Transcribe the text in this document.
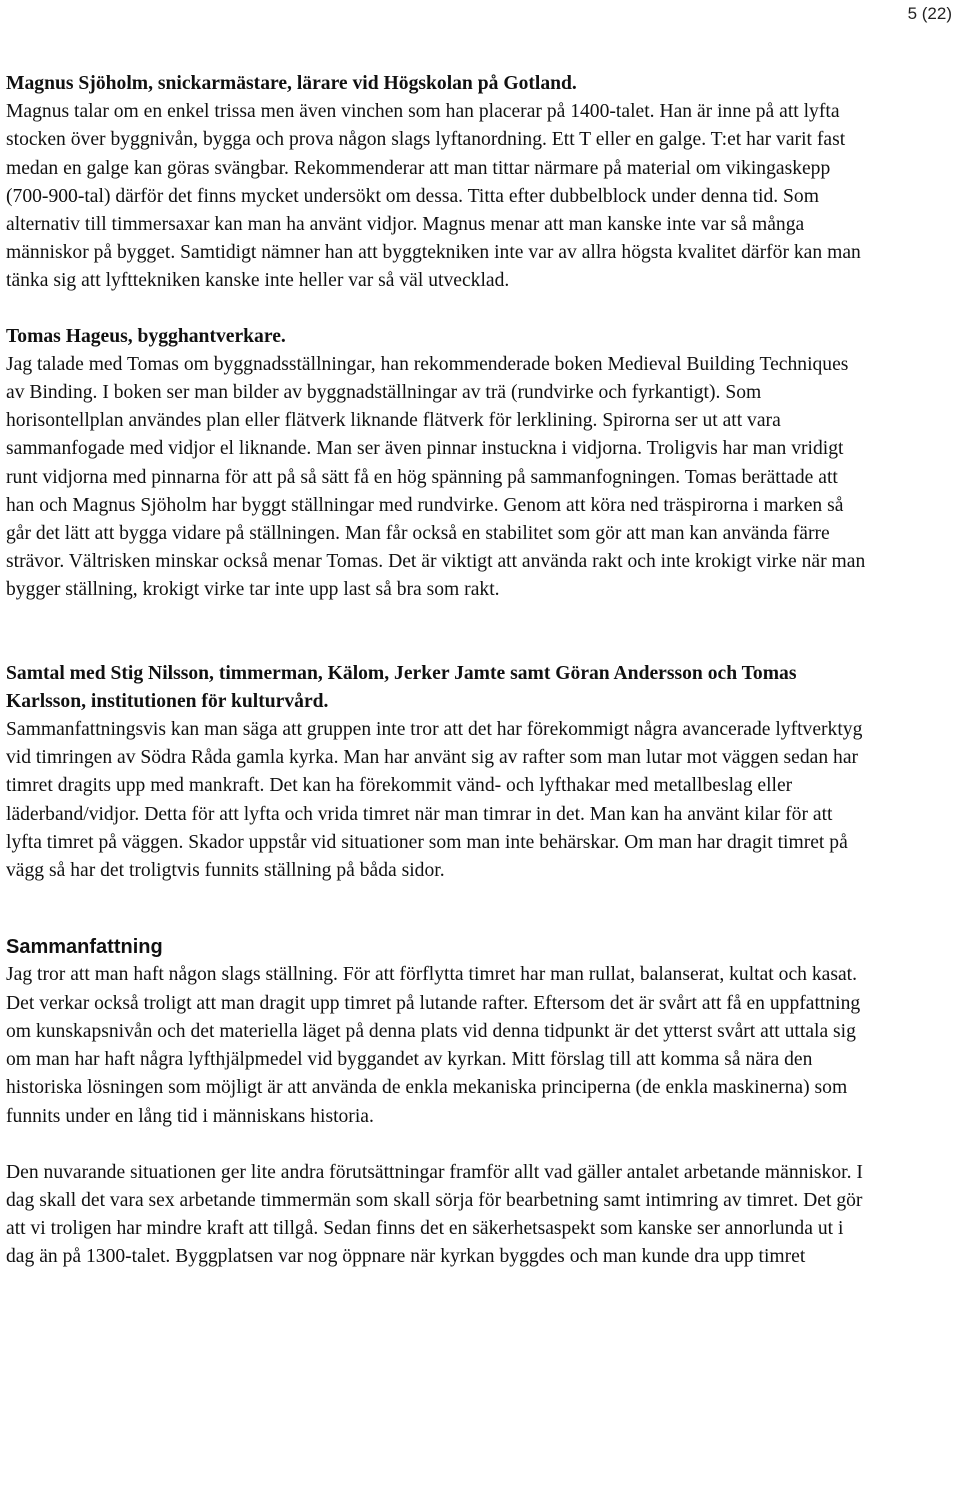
5 (22)

Magnus Sjöholm, snickarmästare, lärare vid Högskolan på Gotland.

Magnus talar om en enkel trissa men även vinchen som han placerar på 1400-talet. Han är inne på att lyfta stocken över byggnivån, bygga och prova någon slags lyftanordning. Ett T eller en galge. T:et har varit fast medan en galge kan göras svängbar. Rekommenderar att man tittar närmare på material om vikingaskepp (700-900-tal) därför det finns mycket undersökt om dessa. Titta efter dubbelblock under denna tid. Som alternativ till timmersaxar kan man ha använt vidjor. Magnus menar att man kanske inte var så många människor på bygget. Samtidigt nämner han att byggtekniken inte var av allra högsta kvalitet därför kan man tänka sig att lyfttekniken kanske inte heller var så väl utvecklad.

Tomas Hageus, bygghantverkare.

Jag talade med Tomas om byggnadsställningar, han rekommenderade boken Medieval Building Techniques av Binding. I boken ser man bilder av byggnadställningar av trä (rundvirke och fyrkantigt). Som horisontellplan användes plan eller flätverk liknande flätverk för lerklining. Spirorna ser ut att vara sammanfogade med vidjor el liknande. Man ser även pinnar instuckna i vidjorna. Troligvis har man vridigt runt vidjorna med pinnarna för att på så sätt få en hög spänning på sammanfogningen. Tomas berättade att han och Magnus Sjöholm har byggt ställningar med rundvirke. Genom att köra ned träspirorna i marken så går det lätt att bygga vidare på ställningen. Man får också en stabilitet som gör att man kan använda färre strävor. Vältrisken minskar också menar Tomas. Det är viktigt att använda rakt och inte krokigt virke när man bygger ställning, krokigt virke tar inte upp last så bra som rakt.

Samtal med Stig Nilsson, timmerman, Kälom, Jerker Jamte samt Göran Andersson och Tomas Karlsson, institutionen för kulturvård.

Sammanfattningsvis kan man säga att gruppen inte tror att det har förekommigt några avancerade lyftverktyg vid timringen av Södra Råda gamla kyrka. Man har använt sig av rafter som man lutar mot väggen sedan har timret dragits upp med mankraft. Det kan ha förekommit vänd- och lyfthakar med metallbeslag eller läderband/vidjor. Detta för att lyfta och vrida timret när man timrar in det. Man kan ha använt kilar för att lyfta timret på väggen. Skador uppstår vid situationer som man inte behärskar. Om man har dragit timret på vägg så har det troligtvis funnits ställning på båda sidor.

Sammanfattning

Jag tror att man haft någon slags ställning. För att förflytta timret har man rullat, balanserat, kultat och kasat. Det verkar också troligt att man dragit upp timret på lutande rafter. Eftersom det är svårt att få en uppfattning om kunskapsnivån och det materiella läget på denna plats vid denna tidpunkt är det ytterst svårt att uttala sig om man har haft några lyfthjälpmedel vid byggandet av kyrkan. Mitt förslag till att komma så nära den historiska lösningen som möjligt är att använda de enkla mekaniska principerna (de enkla maskinerna) som funnits under en lång tid i människans historia.

Den nuvarande situationen ger lite andra förutsättningar framför allt vad gäller antalet arbetande människor. I dag skall det vara sex arbetande timmermän som skall sörja för bearbetning samt intimring av timret. Det gör att vi troligen har mindre kraft att tillgå. Sedan finns det en säkerhetsaspekt som kanske ser annorlunda ut i dag än på 1300-talet. Byggplatsen var nog öppnare när kyrkan byggdes och man kunde dra upp timret
